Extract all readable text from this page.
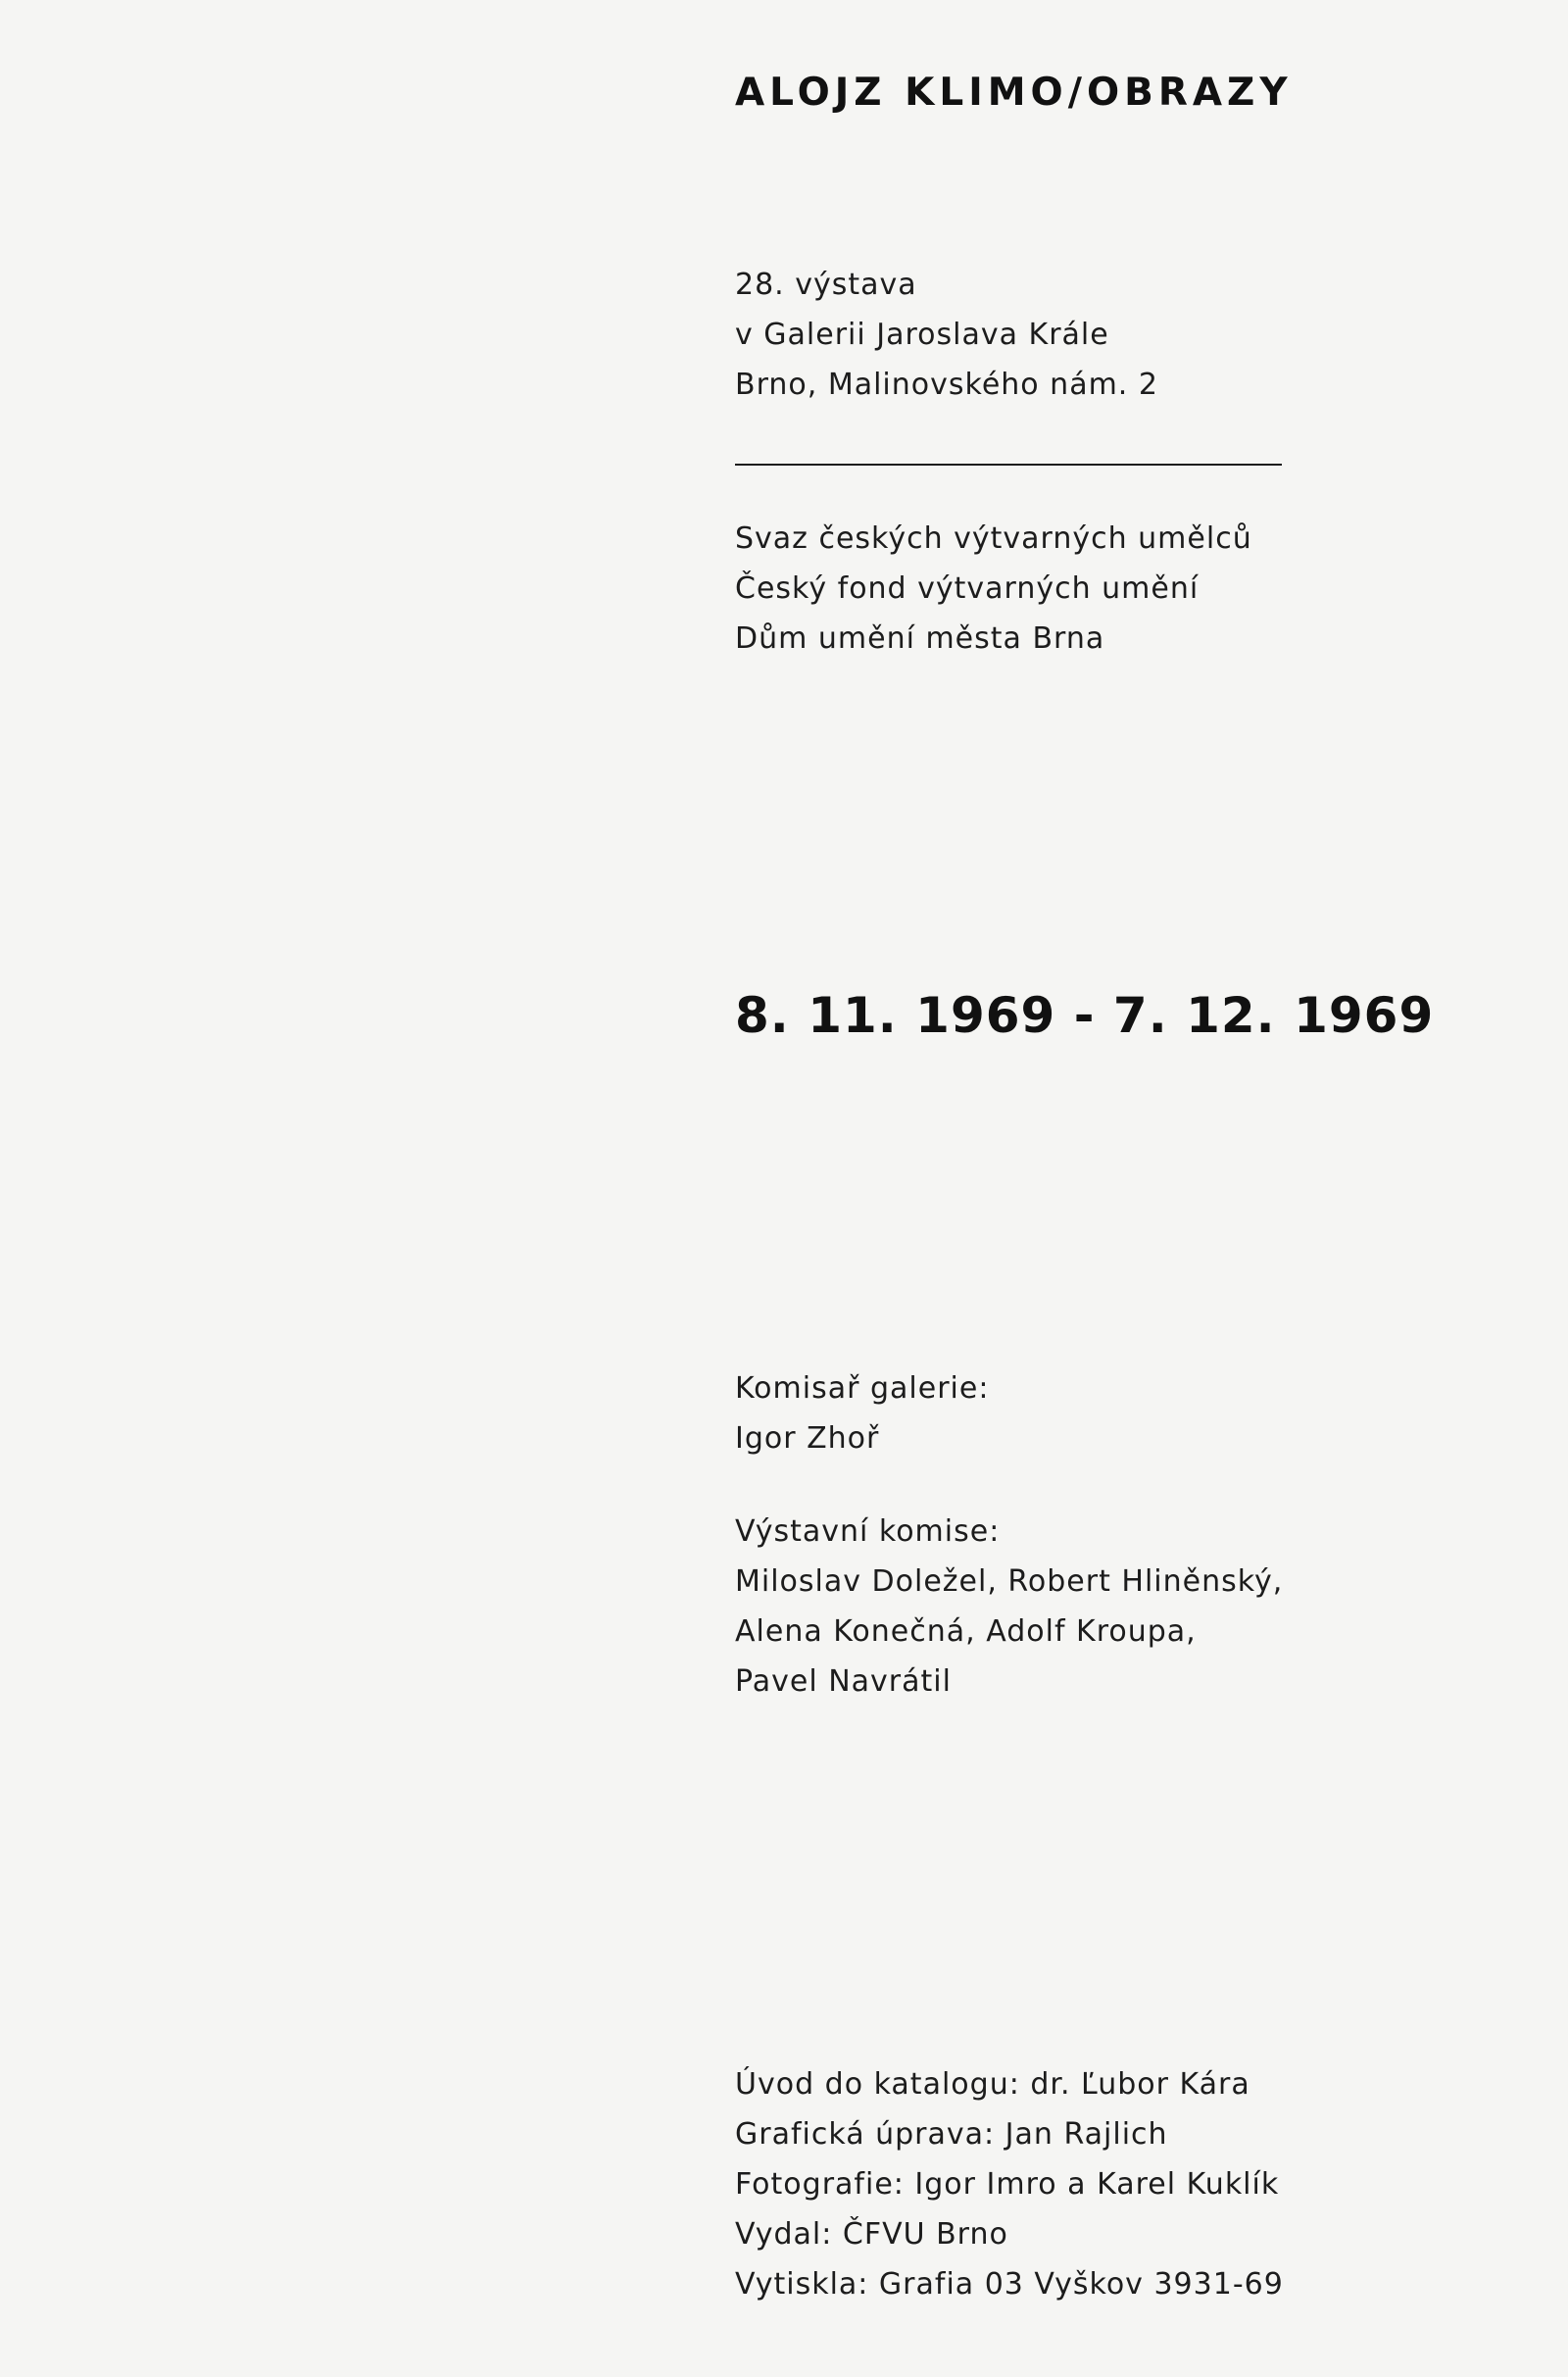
ALOJZ KLIMO/OBRAZY
28. výstava
v Galerii Jaroslava Krále
Brno, Malinovského nám. 2
Svaz českých výtvarných umělců
Český fond výtvarných umění
Dům umění města Brna
8. 11. 1969 - 7. 12. 1969
Komisař galerie:
Igor Zhoř
Výstavní komise:
Miloslav Doležel, Robert Hliněnský,
Alena Konečná, Adolf Kroupa,
Pavel Navrátil
Úvod do katalogu: dr. Ľubor Kára
Grafická úprava: Jan Rajlich
Fotografie: Igor Imro a Karel Kuklík
Vydal: ČFVU Brno
Vytiskla: Grafia 03 Vyškov 3931-69
